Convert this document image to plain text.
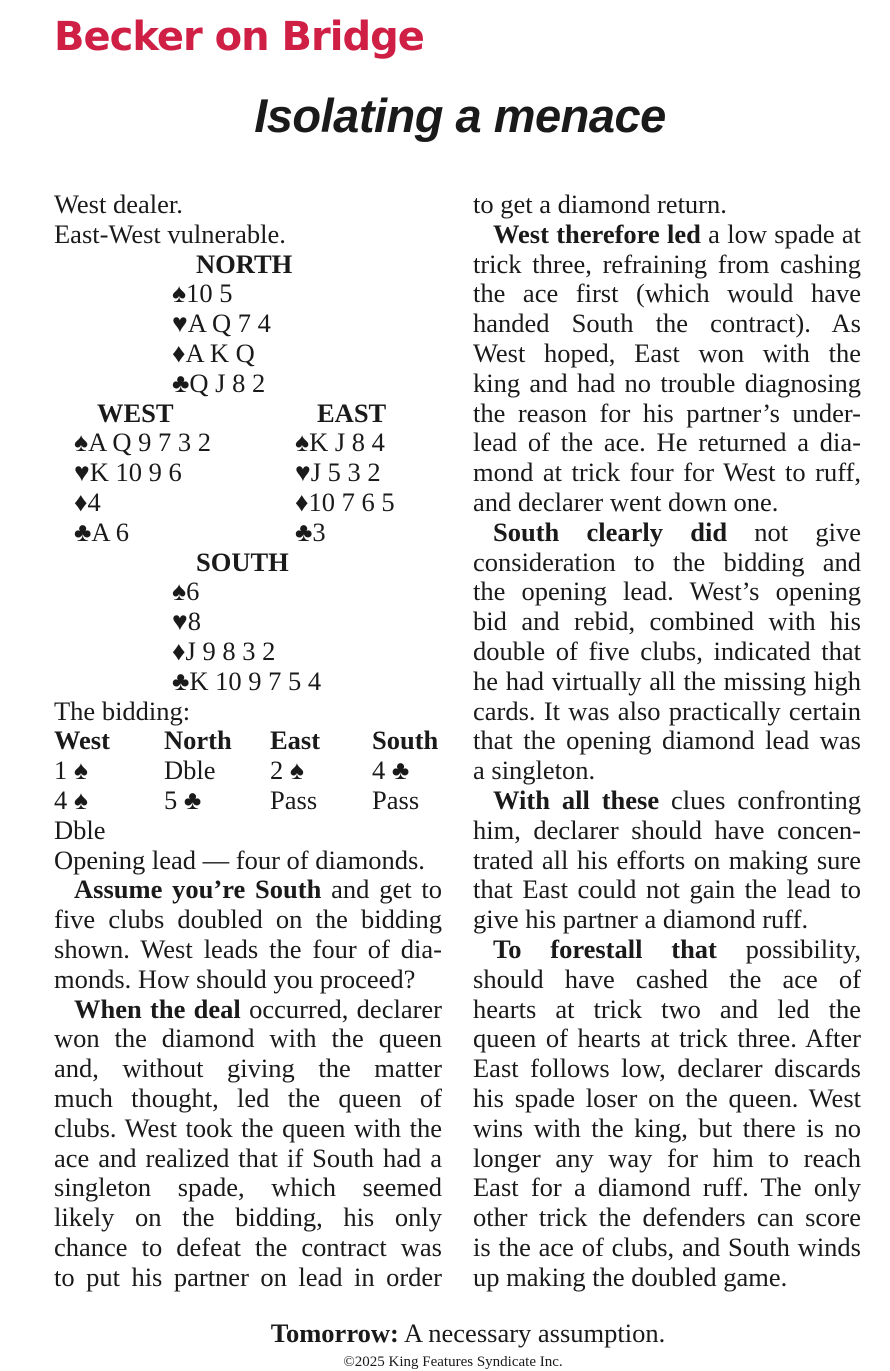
Becker on Bridge
Isolating a menace
West dealer.
East-West vulnerable.
NORTH
♠10 5
♥A Q 7 4
♦A K Q
♣Q J 8 2
WEST
♠A Q 9 7 3 2
♥K 10 9 6
♦4
♣A 6
EAST
♠K J 8 4
♥J 5 3 2
♦10 7 6 5
♣3
SOUTH
♠6
♥8
♦J 9 8 3 2
♣K 10 9 7 5 4
The bidding:
West North East South
1 ♠	Dble 2 ♠	4 ♣
4 ♠	5 ♣	Pass Pass
Dble
Opening lead — four of diamonds.
Assume you’re South and get to
five clubs doubled on the bidding
shown. West leads the four of dia-
monds. How should you proceed?
When the deal occurred, declarer
won the diamond with the queen
and, without giving the matter
much thought, led the queen of
clubs. West took the queen with the
ace and realized that if South had a
singleton spade, which seemed
likely on the bidding, his only
chance to defeat the contract was
to put his partner on lead in order
to get a diamond return.
West therefore led a low spade at
trick three, refraining from cashing
the ace first (which would have
handed South the contract). As
West hoped, East won with the
king and had no trouble diagnosing
the reason for his partner’s under-
lead of the ace. He returned a dia-
mond at trick four for West to ruff,
and declarer went down one.
South clearly did not give
consideration to the bidding and
the opening lead. West’s opening
bid and rebid, combined with his
double of five clubs, indicated that
he had virtually all the missing high
cards. It was also practically certain
that the opening diamond lead was
a singleton.
With all these clues confronting
him, declarer should have concen-
trated all his efforts on making sure
that East could not gain the lead to
give his partner a diamond ruff.
To forestall that possibility,
should have cashed the ace of
hearts at trick two and led the
queen of hearts at trick three. After
East follows low, declarer discards
his spade loser on the queen. West
wins with the king, but there is no
longer any way for him to reach
East for a diamond ruff. The only
other trick the defenders can score
is the ace of clubs, and South winds
up making the doubled game.
Tomorrow: A necessary assumption.
©2025 King Features Syndicate Inc.
